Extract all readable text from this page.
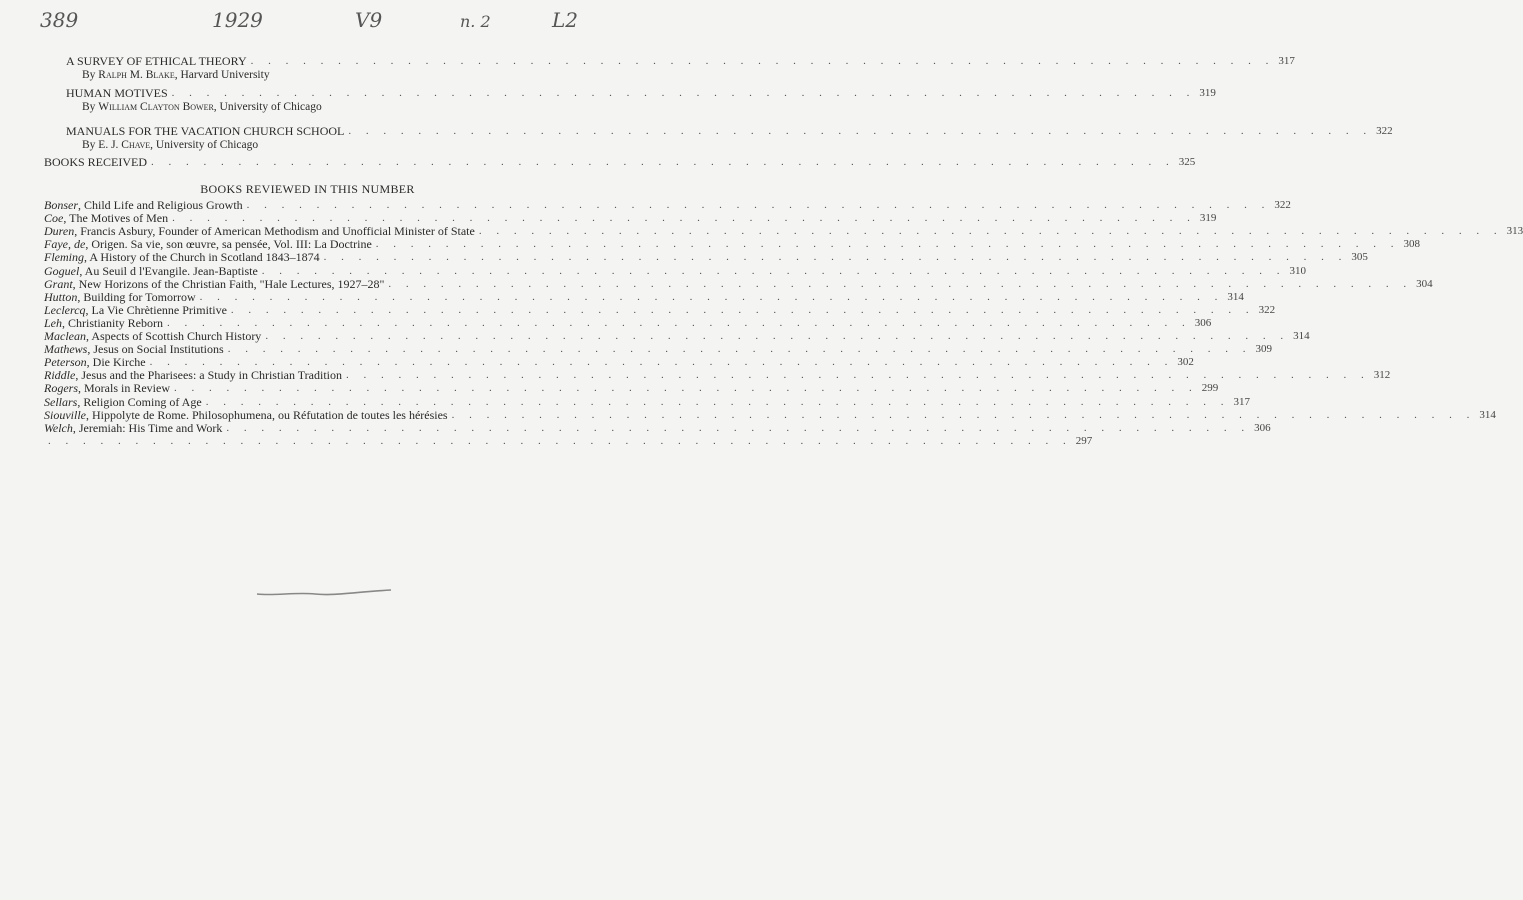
389	1929	V9	n. 2	L2
A SURVEY OF ETHICAL THEORY . . . . . . . . . . . . . . . . . . . . . . . . . . . . . . . . . . . . . . . . . . . . . . . . . . . . . . . . . . . 317
By Ralph M. Blake, Harvard University
HUMAN MOTIVES . . . . . . . . . . . . . . . . . . . . . . . . . . . . . . . . . . . . . . . . . . . . . . . . . . . . . . . . . . . 319
By William Clayton Bower, University of Chicago
MANUALS FOR THE VACATION CHURCH SCHOOL . . . . . . . . . . . . . . . . . . . . . . . . . . . . . . . . . . . . . . . . . . . . . . . . . . . . . . . . . . . 322
By E. J. Chave, University of Chicago
BOOKS RECEIVED . . . . . . . . . . . . . . . . . . . . . . . . . . . . . . . . . . . . . . . . . . . . . . . . . . . . . . . . . . . 325
BOOKS REVIEWED IN THIS NUMBER
Bonser, Child Life and Religious Growth . . . . . . . . . . . . . . . . . . . . . . . . . . . . . . . . . . . . . . . . . . . . . . . . . . . . . . . . . . . 322
Coe, The Motives of Men . . . . . . . . . . . . . . . . . . . . . . . . . . . . . . . . . . . . . . . . . . . . . . . . . . . . . . . . . . . 319
Duren, Francis Asbury, Founder of American Methodism and Unofficial Minister of State . . . . . . . . . . . . . . . . . . . . . . . . . . . . . . . . . . . . . . . . . . . . . . . . . . . . . . . . . . . 313
Faye, de, Origen. Sa vie, son œuvre, sa pensée, Vol. III: La Doctrine . . . . . . . . . . . . . . . . . . . . . . . . . . . . . . . . . . . . . . . . . . . . . . . . . . . . . . . . . . . 308
Fleming, A History of the Church in Scotland 1843–1874 . . . . . . . . . . . . . . . . . . . . . . . . . . . . . . . . . . . . . . . . . . . . . . . . . . . . . . . . . . . 305
Goguel, Au Seuil d l'Evangile. Jean-Baptiste . . . . . . . . . . . . . . . . . . . . . . . . . . . . . . . . . . . . . . . . . . . . . . . . . . . . . . . . . . . 310
Grant, New Horizons of the Christian Faith, "Hale Lectures, 1927–28" . . . . . . . . . . . . . . . . . . . . . . . . . . . . . . . . . . . . . . . . . . . . . . . . . . . . . . . . . . . 304
Hutton, Building for Tomorrow . . . . . . . . . . . . . . . . . . . . . . . . . . . . . . . . . . . . . . . . . . . . . . . . . . . . . . . . . . . 314
Leclercq, La Vie Chrètienne Primitive . . . . . . . . . . . . . . . . . . . . . . . . . . . . . . . . . . . . . . . . . . . . . . . . . . . . . . . . . . . 322
Leh, Christianity Reborn . . . . . . . . . . . . . . . . . . . . . . . . . . . . . . . . . . . . . . . . . . . . . . . . . . . . . . . . . . . 306
Maclean, Aspects of Scottish Church History . . . . . . . . . . . . . . . . . . . . . . . . . . . . . . . . . . . . . . . . . . . . . . . . . . . . . . . . . . . 314
Mathews, Jesus on Social Institutions . . . . . . . . . . . . . . . . . . . . . . . . . . . . . . . . . . . . . . . . . . . . . . . . . . . . . . . . . . . 309
Peterson, Die Kirche . . . . . . . . . . . . . . . . . . . . . . . . . . . . . . . . . . . . . . . . . . . . . . . . . . . . . . . . . . . 302
Riddle, Jesus and the Pharisees: a Study in Christian Tradition . . . . . . . . . . . . . . . . . . . . . . . . . . . . . . . . . . . . . . . . . . . . . . . . . . . . . . . . . . . 312
Rogers, Morals in Review . . . . . . . . . . . . . . . . . . . . . . . . . . . . . . . . . . . . . . . . . . . . . . . . . . . . . . . . . . . 299
Sellars, Religion Coming of Age . . . . . . . . . . . . . . . . . . . . . . . . . . . . . . . . . . . . . . . . . . . . . . . . . . . . . . . . . . . 317
Siouville, Hippolyte de Rome. Philosophumena, ou Réfutation de toutes les hérésies . . . . . . . . . . . . . . . . . . . . . . . . . . . . . . . . . . . . . . . . . . . . . . . . . . . . . . . . . . . 314
Welch, Jeremiah: His Time and Work . . . . . . . . . . . . . . . . . . . . . . . . . . . . . . . . . . . . . . . . . . . . . . . . . . . . . . . . . . . 306
. . . . . . . . . . . . . . . . . . . . . . . . . . . . . . . . . . . . . . . . . . . . . . . . . . . . . . . . . . . 297
